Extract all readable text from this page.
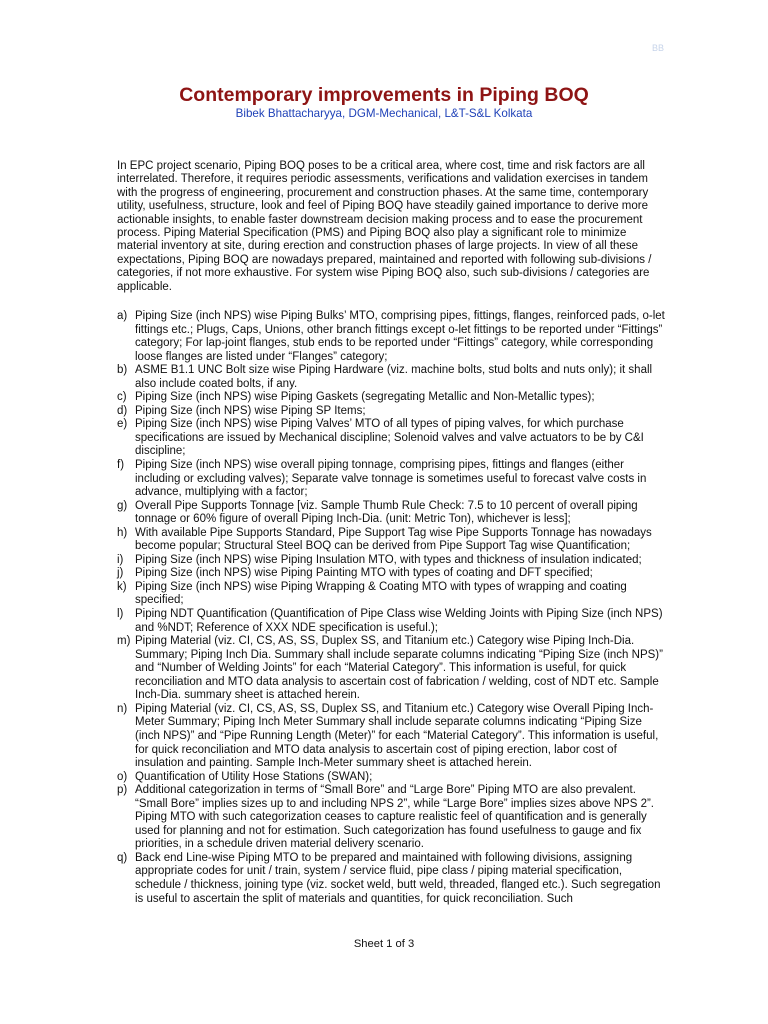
BB
Contemporary improvements in Piping BOQ
Bibek Bhattacharyya, DGM-Mechanical, L&T-S&L Kolkata

In EPC project scenario, Piping BOQ poses to be a critical area, where cost, time and risk factors are all interrelated. Therefore, it requires periodic assessments, verifications and validation exercises in tandem with the progress of engineering, procurement and construction phases. At the same time, contemporary utility, usefulness, structure, look and feel of Piping BOQ have steadily gained importance to derive more actionable insights, to enable faster downstream decision making process and to ease the procurement process. Piping Material Specification (PMS) and Piping BOQ also play a significant role to minimize material inventory at site, during erection and construction phases of large projects. In view of all these expectations, Piping BOQ are nowadays prepared, maintained and reported with following sub-divisions / categories, if not more exhaustive. For system wise Piping BOQ also, such sub-divisions / categories are applicable.

a) Piping Size (inch NPS) wise Piping Bulks’ MTO, comprising pipes, fittings, flanges, reinforced pads, o-let fittings etc.; Plugs, Caps, Unions, other branch fittings except o-let fittings to be reported under “Fittings” category; For lap-joint flanges, stub ends to be reported under “Fittings” category, while corresponding loose flanges are listed under “Flanges” category;
b) ASME B1.1 UNC Bolt size wise Piping Hardware (viz. machine bolts, stud bolts and nuts only); it shall also include coated bolts, if any.
c) Piping Size (inch NPS) wise Piping Gaskets (segregating Metallic and Non-Metallic types);
d) Piping Size (inch NPS) wise Piping SP Items;
e) Piping Size (inch NPS) wise Piping Valves’ MTO of all types of piping valves, for which purchase specifications are issued by Mechanical discipline; Solenoid valves and valve actuators to be by C&I discipline;
f) Piping Size (inch NPS) wise overall piping tonnage, comprising pipes, fittings and flanges (either including or excluding valves); Separate valve tonnage is sometimes useful to forecast valve costs in advance, multiplying with a factor;
g) Overall Pipe Supports Tonnage [viz. Sample Thumb Rule Check: 7.5 to 10 percent of overall piping tonnage or 60% figure of overall Piping Inch-Dia. (unit: Metric Ton), whichever is less];
h) With available Pipe Supports Standard, Pipe Support Tag wise Pipe Supports Tonnage has nowadays become popular; Structural Steel BOQ can be derived from Pipe Support Tag wise Quantification;
i)	Piping Size (inch NPS) wise Piping Insulation MTO, with types and thickness of insulation indicated;
j)	Piping Size (inch NPS) wise Piping Painting MTO with types of coating and DFT specified;
k) Piping Size (inch NPS) wise Piping Wrapping & Coating MTO with types of wrapping and coating specified;
l)	Piping NDT Quantification (Quantification of Pipe Class wise Welding Joints with Piping Size (inch NPS) and %NDT; Reference of XXX NDE specification is useful.);
m) Piping Material (viz. CI, CS, AS, SS, Duplex SS, and Titanium etc.) Category wise Piping Inch-Dia. Summary; Piping Inch Dia. Summary shall include separate columns indicating “Piping Size (inch NPS)” and “Number of Welding Joints” for each “Material Category”. This information is useful, for quick reconciliation and MTO data analysis to ascertain cost of fabrication / welding, cost of NDT etc. Sample Inch-Dia. summary sheet is attached herein.
n) Piping Material (viz. CI, CS, AS, SS, Duplex SS, and Titanium etc.) Category wise Overall Piping Inch-Meter Summary; Piping Inch Meter Summary shall include separate columns indicating “Piping Size (inch NPS)” and “Pipe Running Length (Meter)” for each “Material Category”. This information is useful, for quick reconciliation and MTO data analysis to ascertain cost of piping erection, labor cost of insulation and painting. Sample Inch-Meter summary sheet is attached herein.
o) Quantification of Utility Hose Stations (SWAN);
p) Additional categorization in terms of “Small Bore” and “Large Bore” Piping MTO are also prevalent. “Small Bore” implies sizes up to and including NPS 2”, while “Large Bore” implies sizes above NPS 2”. Piping MTO with such categorization ceases to capture realistic feel of quantification and is generally used for planning and not for estimation. Such categorization has found usefulness to gauge and fix priorities, in a schedule driven material delivery scenario.
q) Back end Line-wise Piping MTO to be prepared and maintained with following divisions, assigning appropriate codes for unit / train, system / service fluid, pipe class / piping material specification, schedule / thickness, joining type (viz. socket weld, butt weld, threaded, flanged etc.). Such segregation is useful to ascertain the split of materials and quantities, for quick reconciliation. Such
Sheet 1 of 3
